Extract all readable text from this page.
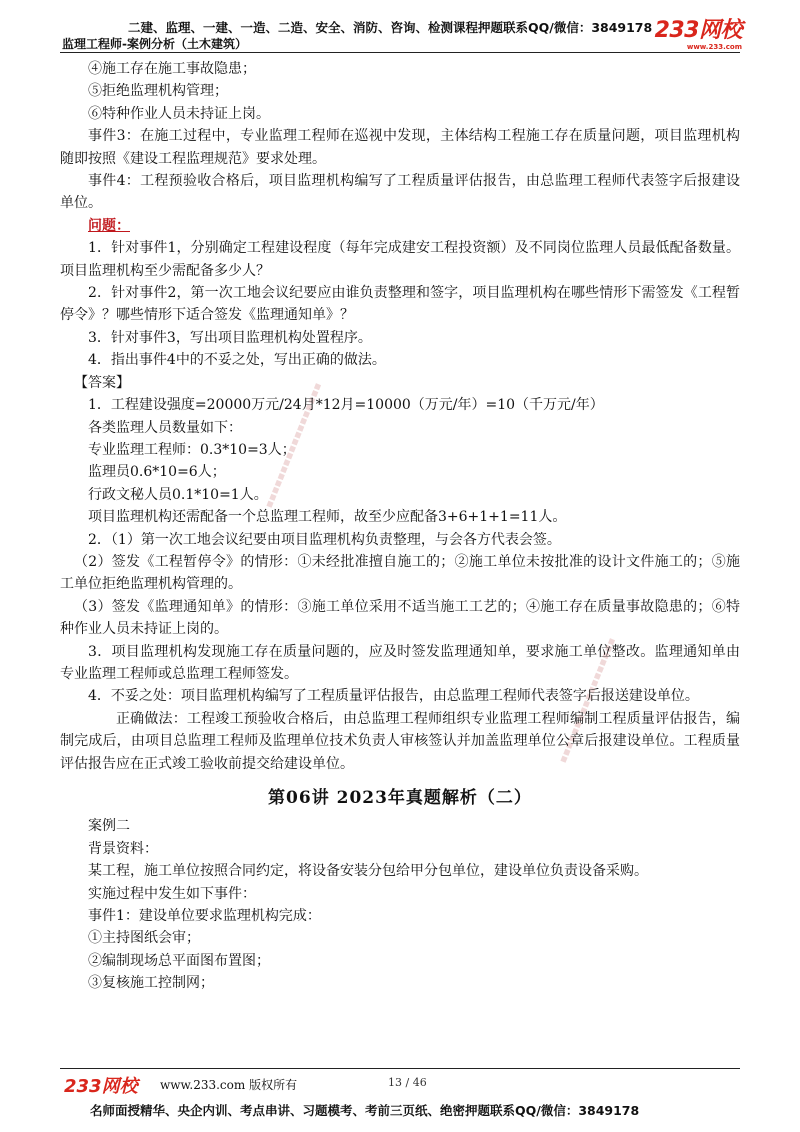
二建、监理、一建、一造、二造、安全、消防、咨询、检测课程押题联系QQ/微信：3849178
监理工程师-案例分析（土木建筑）
233网校
www.233.com
▪▪▪▪▪▪▪▪▪▪▪▪▪▪▪▪▪▪
▪▪▪▪▪▪▪▪▪▪▪▪▪▪▪▪▪▪
④施工存在施工事故隐患；
⑤拒绝监理机构管理；
⑥特种作业人员未持证上岗。
事件3：在施工过程中，专业监理工程师在巡视中发现，主体结构工程施工存在质量问题，项目监理机构随即按照《建设工程监理规范》要求处理。
事件4：工程预验收合格后，项目监理机构编写了工程质量评估报告，由总监理工程师代表签字后报建设单位。
问题：
1．针对事件1，分别确定工程建设程度（每年完成建安工程投资额）及不同岗位监理人员最低配备数量。项目监理机构至少需配备多少人？
2．针对事件2，第一次工地会议纪要应由谁负责整理和签字，项目监理机构在哪些情形下需签发《工程暂停令》？哪些情形下适合签发《监理通知单》？
3．针对事件3，写出项目监理机构处置程序。
4．指出事件4中的不妥之处，写出正确的做法。
【答案】
1．工程建设强度=20000万元/24月*12月=10000（万元/年）=10（千万元/年）
各类监理人员数量如下：
专业监理工程师：0.3*10=3人；
监理员0.6*10=6人；
行政文秘人员0.1*10=1人。
项目监理机构还需配备一个总监理工程师，故至少应配备3+6+1+1=11人。
2．（1）第一次工地会议纪要由项目监理机构负责整理，与会各方代表会签。
（2）签发《工程暂停令》的情形：①未经批准擅自施工的；②施工单位未按批准的设计文件施工的；⑤施工单位拒绝监理机构管理的。
（3）签发《监理通知单》的情形：③施工单位采用不适当施工工艺的；④施工存在质量事故隐患的；⑥特种作业人员未持证上岗的。
3．项目监理机构发现施工存在质量问题的，应及时签发监理通知单，要求施工单位整改。监理通知单由专业监理工程师或总监理工程师签发。
4．不妥之处：项目监理机构编写了工程质量评估报告，由总监理工程师代表签字后报送建设单位。
正确做法：工程竣工预验收合格后，由总监理工程师组织专业监理工程师编制工程质量评估报告，编制完成后，由项目总监理工程师及监理单位技术负责人审核签认并加盖监理单位公章后报建设单位。工程质量评估报告应在正式竣工验收前提交给建设单位。
第06讲 2023年真题解析（二）
案例二
背景资料：
某工程，施工单位按照合同约定，将设备安装分包给甲分包单位，建设单位负责设备采购。
实施过程中发生如下事件：
事件1：建设单位要求监理机构完成：
①主持图纸会审；
②编制现场总平面图布置图；
③复核施工控制网；
233网校 www.233.com 版权所有	13 / 46
名师面授精华、央企内训、考点串讲、习题模考、考前三页纸、绝密押题联系QQ/微信：3849178
